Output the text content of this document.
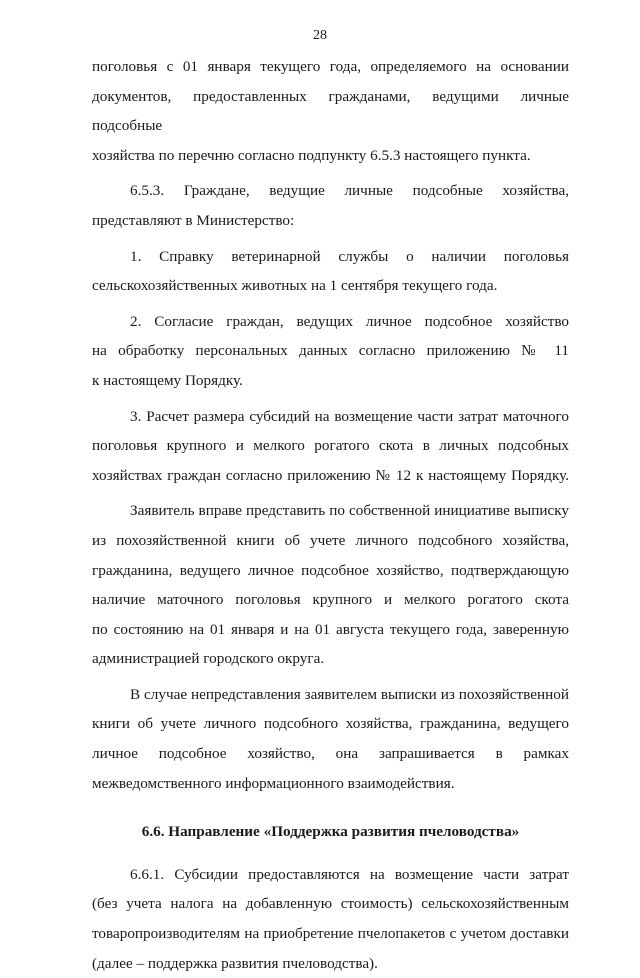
28

поголовья с 01 января текущего года, определяемого на основании
документов, предоставленных гражданами, ведущими личные подсобные
хозяйства по перечню согласно подпункту 6.5.3 настоящего пункта.

6.5.3. Граждане, ведущие личные подсобные хозяйства,
представляют в Министерство:

1. Справку ветеринарной службы о наличии поголовья
сельскохозяйственных животных на 1 сентября текущего года.

2. Согласие граждан, ведущих личное подсобное хозяйство
на обработку персональных данных согласно приложению № 11
к настоящему Порядку.

3. Расчет размера субсидий на возмещение части затрат маточного
поголовья крупного и мелкого рогатого скота в личных подсобных
хозяйствах граждан согласно приложению № 12 к настоящему Порядку.

Заявитель вправе представить по собственной инициативе выписку
из похозяйственной книги об учете личного подсобного хозяйства,
гражданина, ведущего личное подсобное хозяйство, подтверждающую
наличие маточного поголовья крупного и мелкого рогатого скота
по состоянию на 01 января и на 01 августа текущего года, заверенную
администрацией городского округа.

В случае непредставления заявителем выписки из похозяйственной
книги об учете личного подсобного хозяйства, гражданина, ведущего
личное подсобное хозяйство, она запрашивается в рамках
межведомственного информационного взаимодействия.

6.6. Направление «Поддержка развития пчеловодства»

6.6.1. Субсидии предоставляются на возмещение части затрат
(без учета налога на добавленную стоимость) сельскохозяйственным
товаропроизводителям на приобретение пчелопакетов с учетом доставки
(далее – поддержка развития пчеловодства).
